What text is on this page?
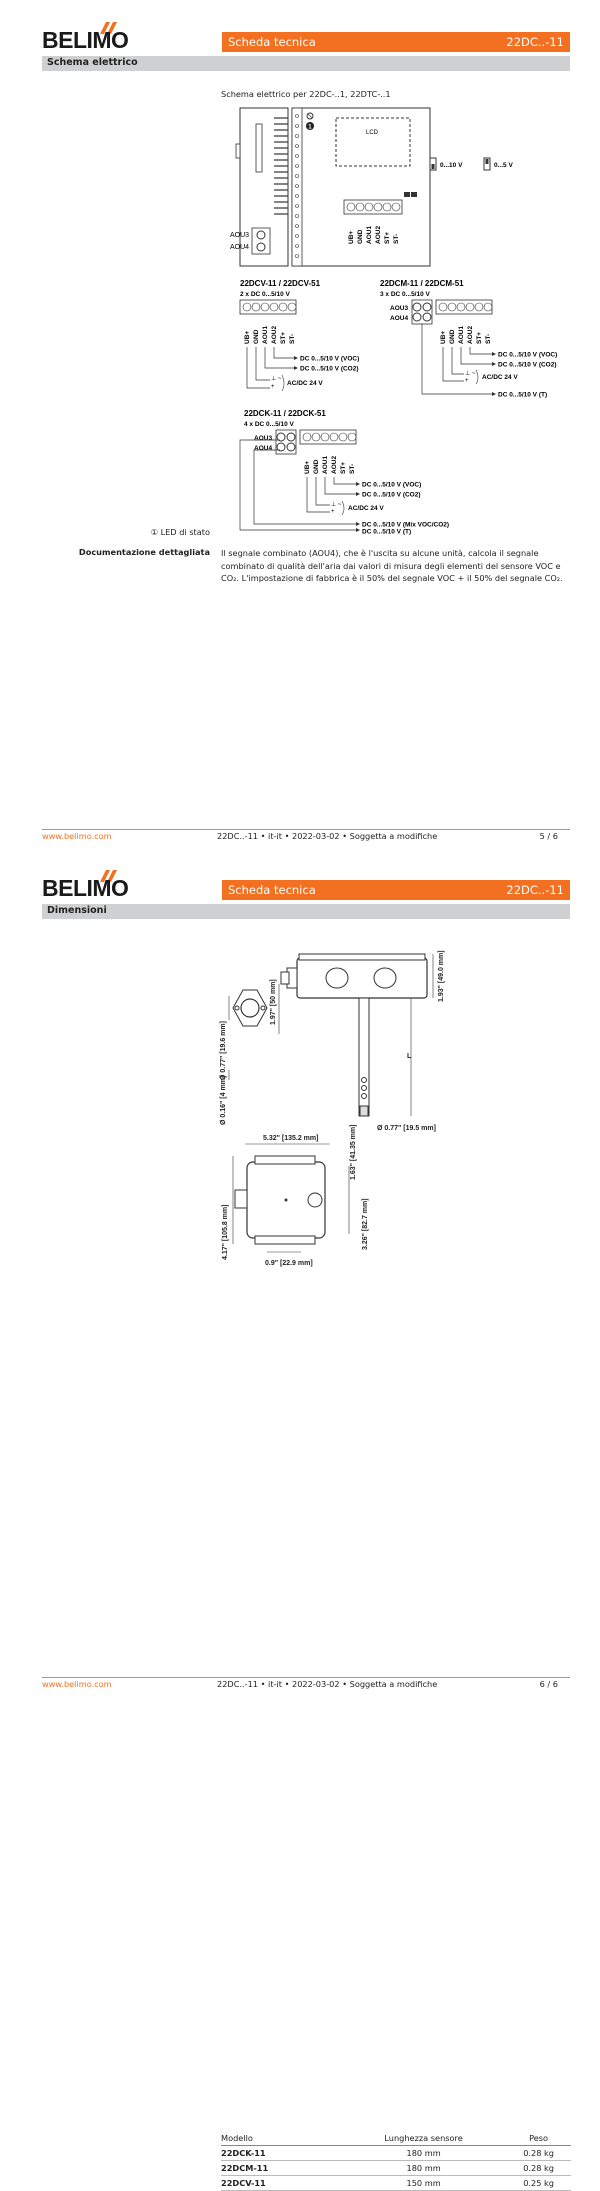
BELIMO	Scheda tecnica	22DC..-11
Schema elettrico
Schema elettrico per 22DC-..1, 22DTC-..1
AOU3
AOU4
1
LCD
UB+ GND AOU1 AOU2 ST+ ST-
0...10 V	0...5 V
22DCV-11 / 22DCV-51
2 x DC 0...5/10 V
UB+ GND AOU1 AOU2 ST+ ST-
⊥ ~
+
DC 0...5/10 V (VOC)
DC 0...5/10 V (CO2)
AC/DC 24 V
22DCM-11 / 22DCM-51
3 x DC 0...5/10 V
AOU3
AOU4
UB+ GND AOU1 AOU2 ST+ ST-
⊥ ~
+
DC 0...5/10 V (VOC)
DC 0...5/10 V (CO2)
AC/DC 24 V
DC 0...5/10 V (T)
22DCK-11 / 22DCK-51
4 x DC 0...5/10 V
AOU3
AOU4
UB+ GND AOU1 AOU2 ST+ ST-
⊥ ~
+
DC 0...5/10 V (VOC)
DC 0...5/10 V (CO2)
AC/DC 24 V
DC 0...5/10 V (Mix VOC/CO2)
DC 0...5/10 V (T)
① LED di stato
Documentazione dettagliata Il segnale combinato (AOU4), che è l'uscita su alcune unità, calcola il segnale combinato di qualità dell'aria dai valori di misura degli elementi del sensore VOC e CO₂. L'impostazione di fabbrica è il 50% del segnale VOC + il 50% del segnale CO₂.
www.belimo.com	22DC..-11 • it-it • 2022-03-02 • Soggetta a modifiche	5 / 6
BELIMO	Scheda tecnica	22DC..-11
Dimensioni
Ø 0.77" [19.6 mm]
1.97" [50 mm]
Ø 0.16" [4 mm]
1.93" [49.0 mm]
L
Ø 0.77" [19.5 mm]
5.32" [135.2 mm]	1.63" [41.35 mm]
4.17" [105.8 mm]	3.26" [82.7 mm]
0.9" [22.9 mm]
Modello	Lunghezza sensore	Peso
22DCK-11	180 mm	0.28 kg
22DCM-11	180 mm	0.28 kg
22DCV-11	150 mm	0.25 kg
www.belimo.com	22DC..-11 • it-it • 2022-03-02 • Soggetta a modifiche	6 / 6
